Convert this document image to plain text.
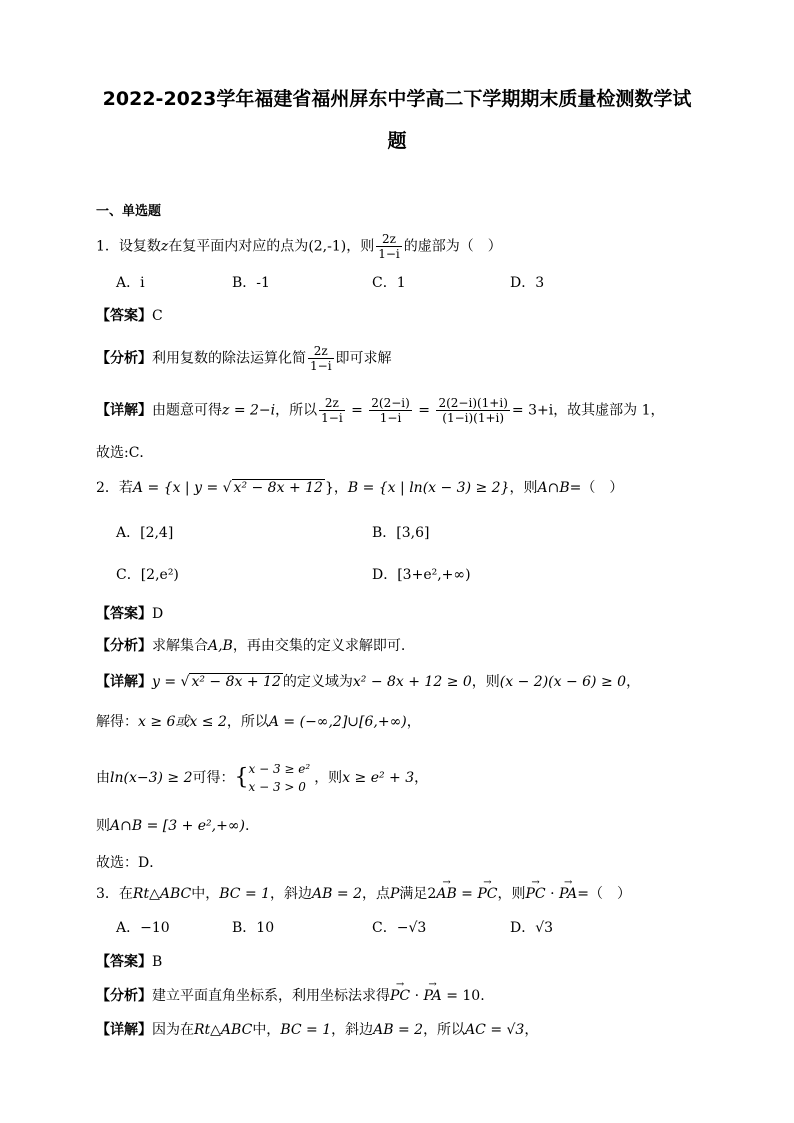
2022-2023学年福建省福州屏东中学高二下学期期末质量检测数学试
题
一、单选题
1．设复数z在复平面内对应的点为(2,-1)，则 $\frac{2z}{1-i}$ 的虚部为（　）
A．i	B．-1	C．1	D．3
【答案】C
【分析】利用复数的除法运算化简 $\frac{2z}{1-i}$ 即可求解
【详解】由题意可得z = 2−i，所以 $\frac{2z}{1-i} = \frac{2(2-i)}{1-i} = \frac{2(2-i)(1+i)}{(1-i)(1+i)} = 3+i$，故其虚部为 1，
故选:C．
2．若A = {x | y = √ x² − 8x + 12 }，B = {x | ln(x − 3) ≥ 2}，则A∩B=（　）
A．[2,4]	B．[3,6]
C．[2,e²)	D．[3+e²,+∞)
【答案】D
【分析】求解集合A,B，再由交集的定义求解即可.
【详解】y = √ x² − 8x + 12 的定义域为x² − 8x + 12 ≥ 0，则(x − 2)(x − 6) ≥ 0，
解得：x ≥ 6或x ≤ 2，所以A = (−∞,2]∪[6,+∞)，
由ln(x−3) ≥ 2可得：{ x − 3 ≥ e²
x − 3 > 0
，则x ≥ e² + 3，
则A∩B = [3 + e²,+∞).
故选：D．
3．在Rt△ABC中，BC = 1，斜边AB = 2，点P满足2→ AB = → PC，则→ PC · → PA=（　）
A．−10	B．10	C．−√3	D．√3
【答案】B
【分析】建立平面直角坐标系，利用坐标法求得→ PC · → PA = 10.
【详解】因为在Rt△ABC中，BC = 1，斜边AB = 2，所以AC = √3，
